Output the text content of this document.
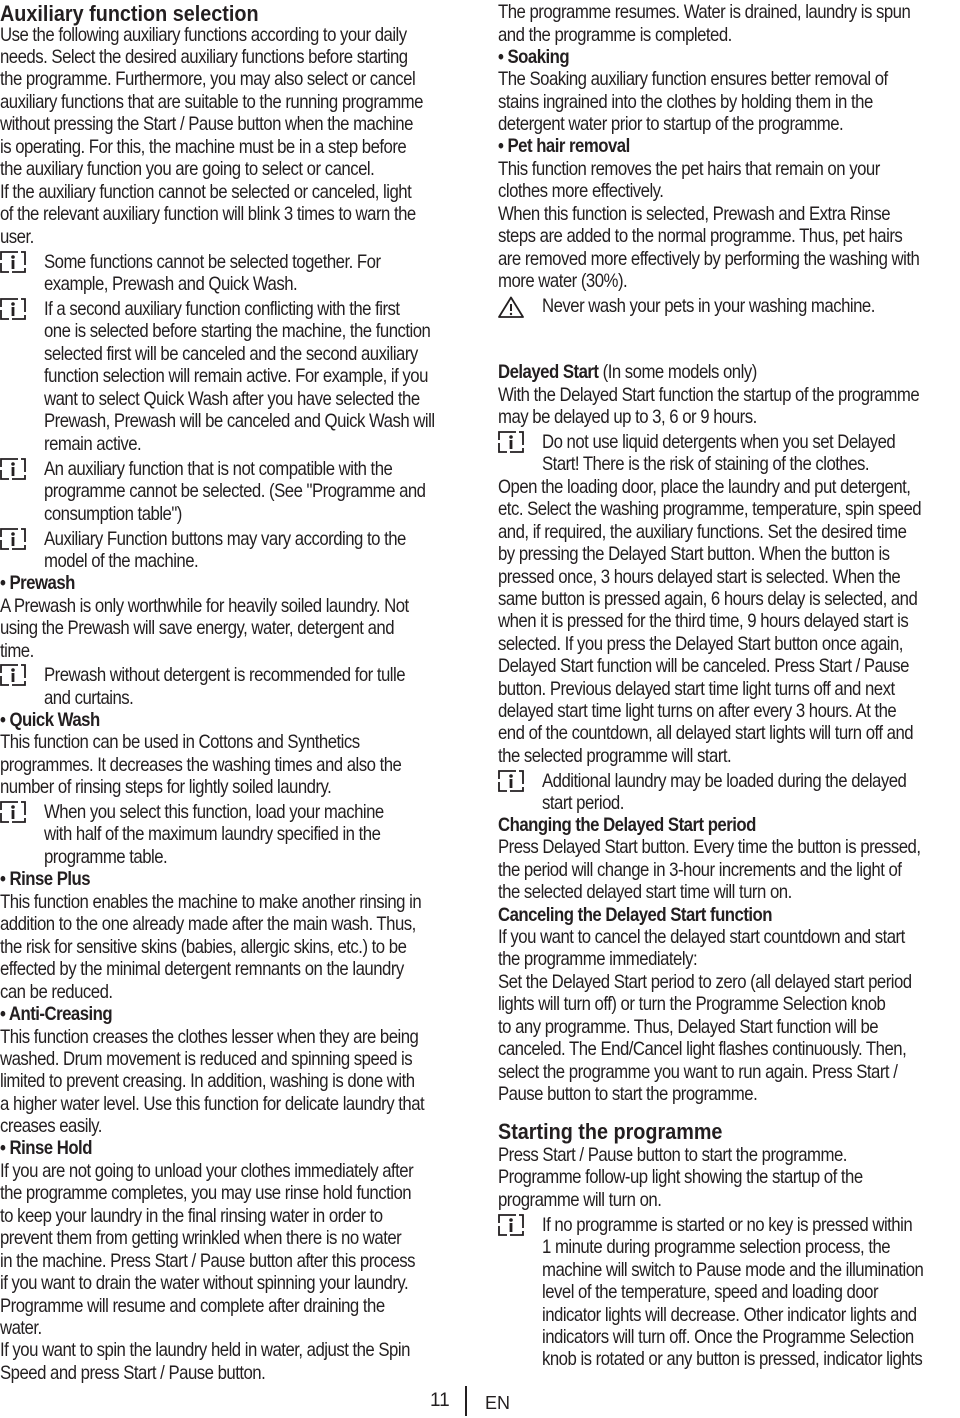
Auxiliary function selection
Use the following auxiliary functions according to your daily
needs. Select the desired auxiliary functions before starting
the programme. Furthermore, you may also select or cancel
auxiliary functions that are suitable to the running programme
without pressing the Start / Pause button when the machine
is operating. For this, the machine must be in a step before
the auxiliary function you are going to select or cancel.
If the auxiliary function cannot be selected or canceled, light
of the relevant auxiliary function will blink 3 times to warn the
user.
Some functions cannot be selected together. For
example, Prewash and Quick Wash.
If a second auxiliary function conflicting with the first
one is selected before starting the machine, the function
selected first will be canceled and the second auxiliary
function selection will remain active. For example, if you
want to select Quick Wash after you have selected the
Prewash, Prewash will be canceled and Quick Wash will
remain active.
An auxiliary function that is not compatible with the
programme cannot be selected. (See "Programme and
consumption table")
Auxiliary Function buttons may vary according to the
model of the machine.
• Prewash
A Prewash is only worthwhile for heavily soiled laundry. Not
using the Prewash will save energy, water, detergent and
time.
Prewash without detergent is recommended for tulle
and curtains.
• Quick Wash
This function can be used in Cottons and Synthetics
programmes. It decreases the washing times and also the
number of rinsing steps for lightly soiled laundry.
When you select this function, load your machine
with half of the maximum laundry specified in the
programme table.
• Rinse Plus
This function enables the machine to make another rinsing in
addition to the one already made after the main wash. Thus,
the risk for sensitive skins (babies, allergic skins, etc.) to be
effected by the minimal detergent remnants on the laundry
can be reduced.
• Anti-Creasing
This function creases the clothes lesser when they are being
washed. Drum movement is reduced and spinning speed is
limited to prevent creasing. In addition, washing is done with
a higher water level. Use this function for delicate laundry that
creases easily.
• Rinse Hold
If you are not going to unload your clothes immediately after
the programme completes, you may use rinse hold function
to keep your laundry in the final rinsing water in order to
prevent them from getting wrinkled when there is no water
in the machine. Press Start / Pause button after this process
if you want to drain the water without spinning your laundry.
Programme will resume and complete after draining the
water.
If you want to spin the laundry held in water, adjust the Spin
Speed and press Start / Pause button.
The programme resumes. Water is drained, laundry is spun
and the programme is completed.
• Soaking
The Soaking auxiliary function ensures better removal of
stains ingrained into the clothes by holding them in the
detergent water prior to startup of the programme.
• Pet hair removal
This function removes the pet hairs that remain on your
clothes more effectively.
When this function is selected, Prewash and Extra Rinse
steps are added to the normal programme. Thus, pet hairs
are removed more effectively by performing the washing with
more water (30%).
Never wash your pets in your washing machine.
Delayed Start (In some models only)
With the Delayed Start function the startup of the programme
may be delayed up to 3, 6 or 9 hours.
Do not use liquid detergents when you set Delayed
Start! There is the risk of staining of the clothes.
Open the loading door, place the laundry and put detergent,
etc. Select the washing programme, temperature, spin speed
and, if required, the auxiliary functions. Set the desired time
by pressing the Delayed Start button. When the button is
pressed once, 3 hours delayed start is selected. When the
same button is pressed again, 6 hours delay is selected, and
when it is pressed for the third time, 9 hours delayed start is
selected. If you press the Delayed Start button once again,
Delayed Start function will be canceled. Press Start / Pause
button. Previous delayed start time light turns off and next
delayed start time light turns on after every 3 hours. At the
end of the countdown, all delayed start lights will turn off and
the selected programme will start.
Additional laundry may be loaded during the delayed
start period.
Changing the Delayed Start period
Press Delayed Start button. Every time the button is pressed,
the period will change in 3-hour increments and the light of
the selected delayed start time will turn on.
Canceling the Delayed Start function
If you want to cancel the delayed start countdown and start
the programme immediately:
Set the Delayed Start period to zero (all delayed start period
lights will turn off) or turn the Programme Selection knob
to any programme. Thus, Delayed Start function will be
canceled. The End/Cancel light flashes continuously. Then,
select the programme you want to run again. Press Start /
Pause button to start the programme.
Starting the programme
Press Start / Pause button to start the programme.
Programme follow-up light showing the startup of the
programme will turn on.
If no programme is started or no key is pressed within
1 minute during programme selection process, the
machine will switch to Pause mode and the illumination
level of the temperature, speed and loading door
indicator lights will decrease. Other indicator lights and
indicators will turn off. Once the Programme Selection
knob is rotated or any button is pressed, indicator lights
11 EN
